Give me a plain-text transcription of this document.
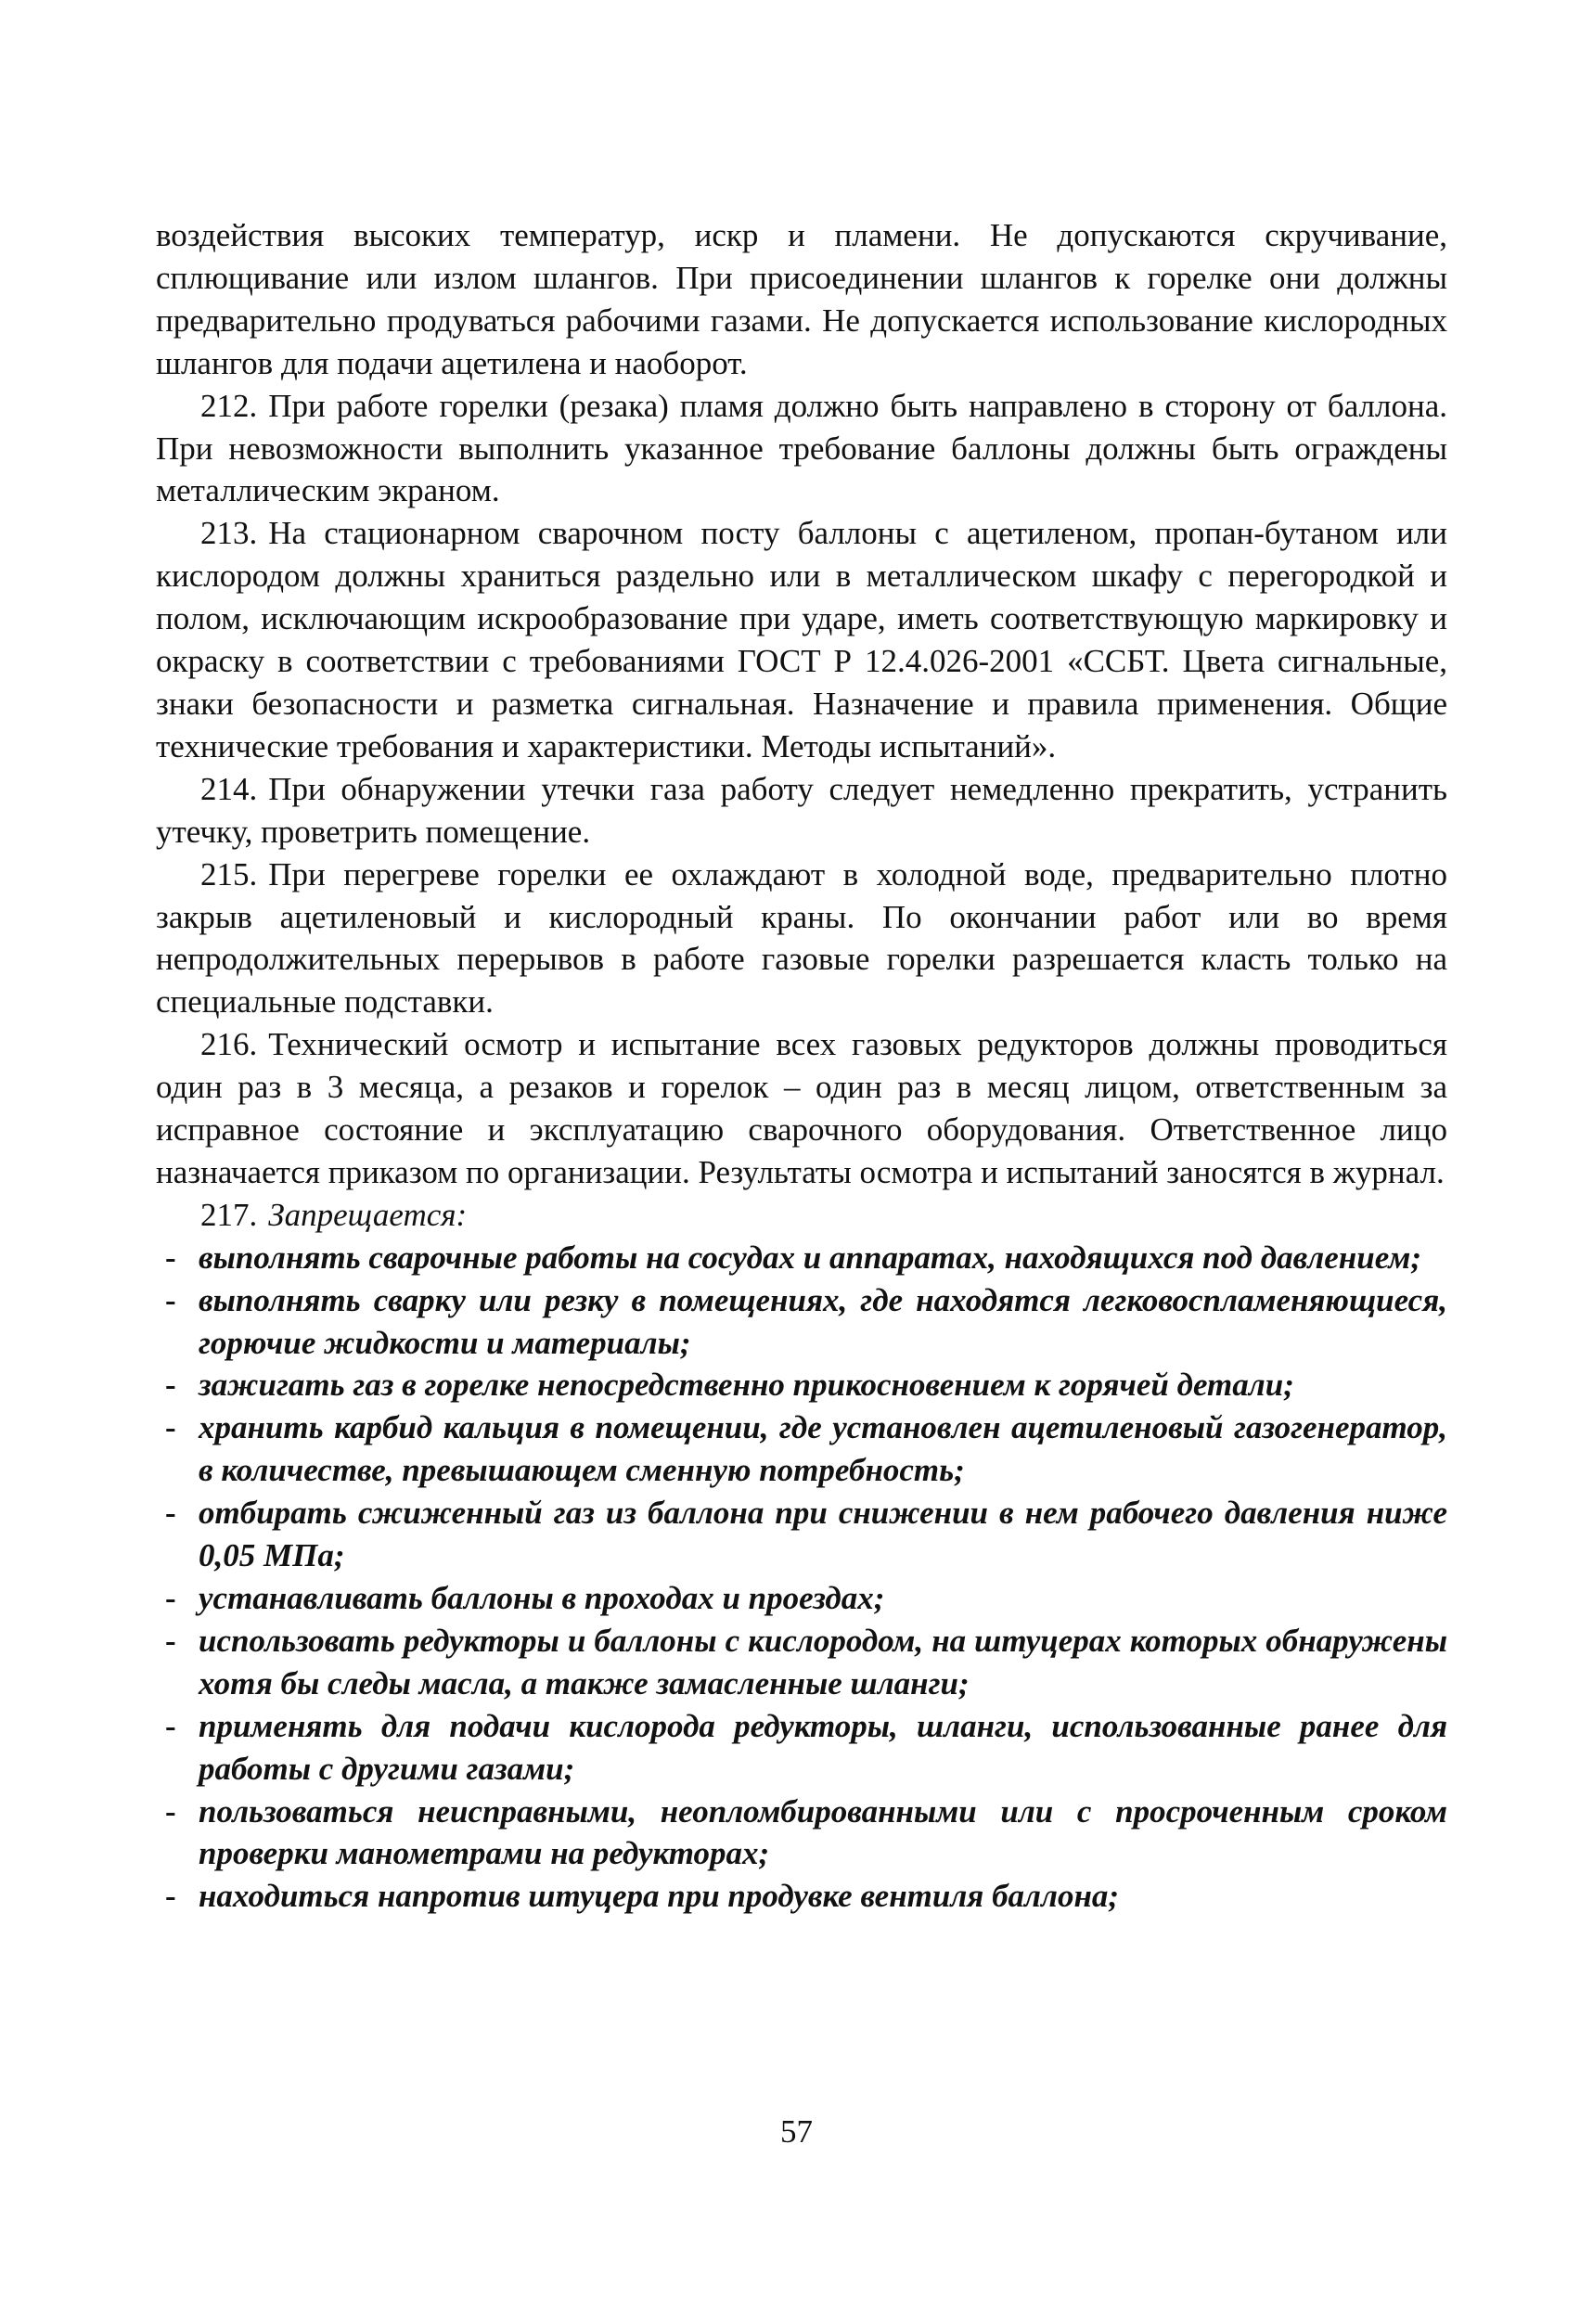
воздействия высоких температур, искр и пламени. Не допускаются скручивание, сплющивание или излом шлангов. При присоединении шлангов к горелке они должны предварительно продуваться рабочими газами. Не допускается использование кислородных шлангов для подачи ацетилена и наоборот.

212. При работе горелки (резака) пламя должно быть направлено в сторону от баллона. При невозможности выполнить указанное требование баллоны должны быть ограждены металлическим экраном.

213. На стационарном сварочном посту баллоны с ацетиленом, пропан-бутаном или кислородом должны храниться раздельно или в металлическом шкафу с перегородкой и полом, исключающим искрообразование при ударе, иметь соответствующую маркировку и окраску в соответствии с требованиями ГОСТ Р 12.4.026-2001 «ССБТ. Цвета сигнальные, знаки безопасности и разметка сигнальная. Назначение и правила применения. Общие технические требования и характеристики. Методы испытаний».

214. При обнаружении утечки газа работу следует немедленно прекратить, устранить утечку, проветрить помещение.

215. При перегреве горелки ее охлаждают в холодной воде, предварительно плотно закрыв ацетиленовый и кислородный краны. По окончании работ или во время непродолжительных перерывов в работе газовые горелки разрешается класть только на специальные подставки.

216. Технический осмотр и испытание всех газовых редукторов должны проводиться один раз в 3 месяца, а резаков и горелок – один раз в месяц лицом, ответственным за исправное состояние и эксплуатацию сварочного оборудования. Ответственное лицо назначается приказом по организации. Результаты осмотра и испытаний заносятся в журнал.

217. Запрещается:

- выполнять сварочные работы на сосудах и аппаратах, находящихся под давлением;
- выполнять сварку или резку в помещениях, где находятся легковоспламеняющиеся, горючие жидкости и материалы;
- зажигать газ в горелке непосредственно прикосновением к горячей детали;
- хранить карбид кальция в помещении, где установлен ацетиленовый газогенератор, в количестве, превышающем сменную потребность;
- отбирать сжиженный газ из баллона при снижении в нем рабочего давления ниже 0,05 МПа;
- устанавливать баллоны в проходах и проездах;
- использовать редукторы и баллоны с кислородом, на штуцерах которых обнаружены хотя бы следы масла, а также замасленные шланги;
- применять для подачи кислорода редукторы, шланги, использованные ранее для работы с другими газами;
- пользоваться неисправными, неопломбированными или с просроченным сроком проверки манометрами на редукторах;
- находиться напротив штуцера при продувке вентиля баллона;
57
